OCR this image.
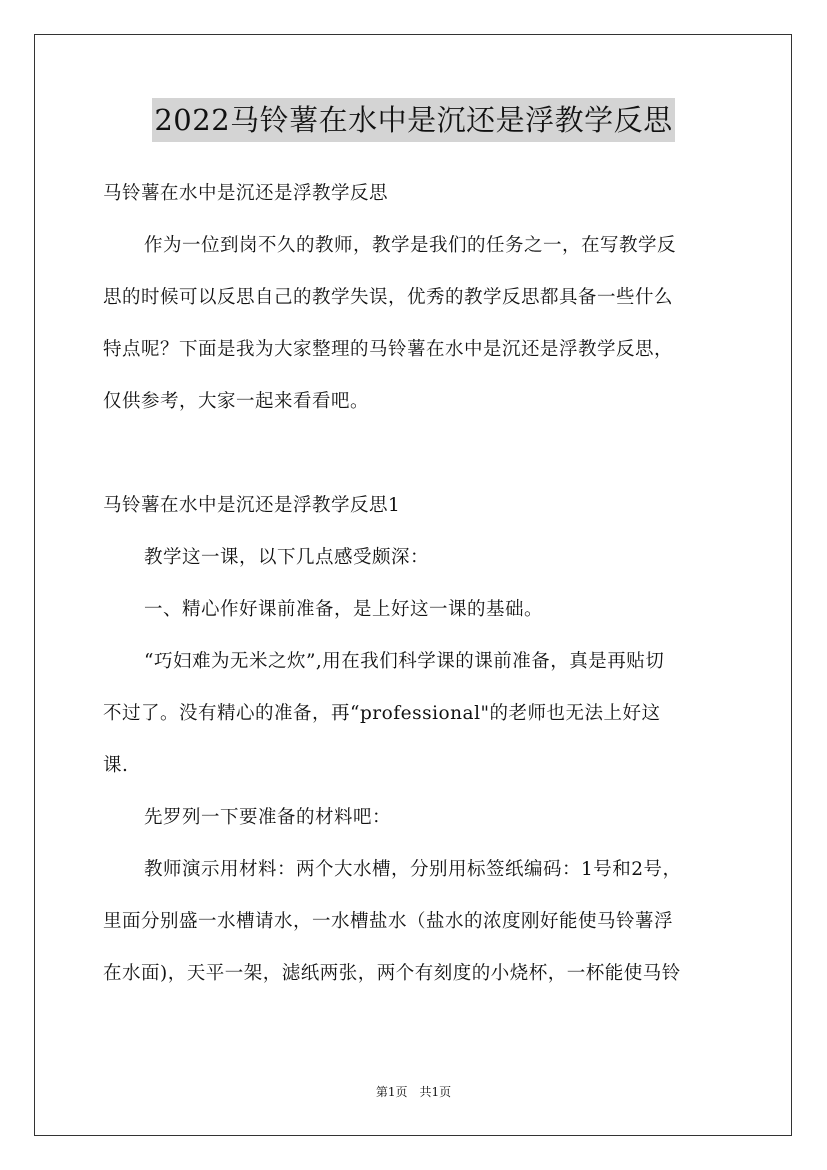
2022马铃薯在水中是沉还是浮教学反思
马铃薯在水中是沉还是浮教学反思
作为一位到岗不久的教师，教学是我们的任务之一，在写教学反
思的时候可以反思自己的教学失误，优秀的教学反思都具备一些什么
特点呢？下面是我为大家整理的马铃薯在水中是沉还是浮教学反思，
仅供参考，大家一起来看看吧。
马铃薯在水中是沉还是浮教学反思1
教学这一课，以下几点感受颇深：
一、精心作好课前准备，是上好这一课的基础。
“巧妇难为无米之炊”,用在我们科学课的课前准备，真是再贴切
不过了。没有精心的准备，再“professional"的老师也无法上好这
课.
先罗列一下要准备的材料吧：
教师演示用材料：两个大水槽，分别用标签纸编码：1号和2号，
里面分别盛一水槽请水，一水槽盐水（盐水的浓度刚好能使马铃薯浮
在水面)，天平一架，滤纸两张，两个有刻度的小烧杯，一杯能使马铃
第1页 共1页
